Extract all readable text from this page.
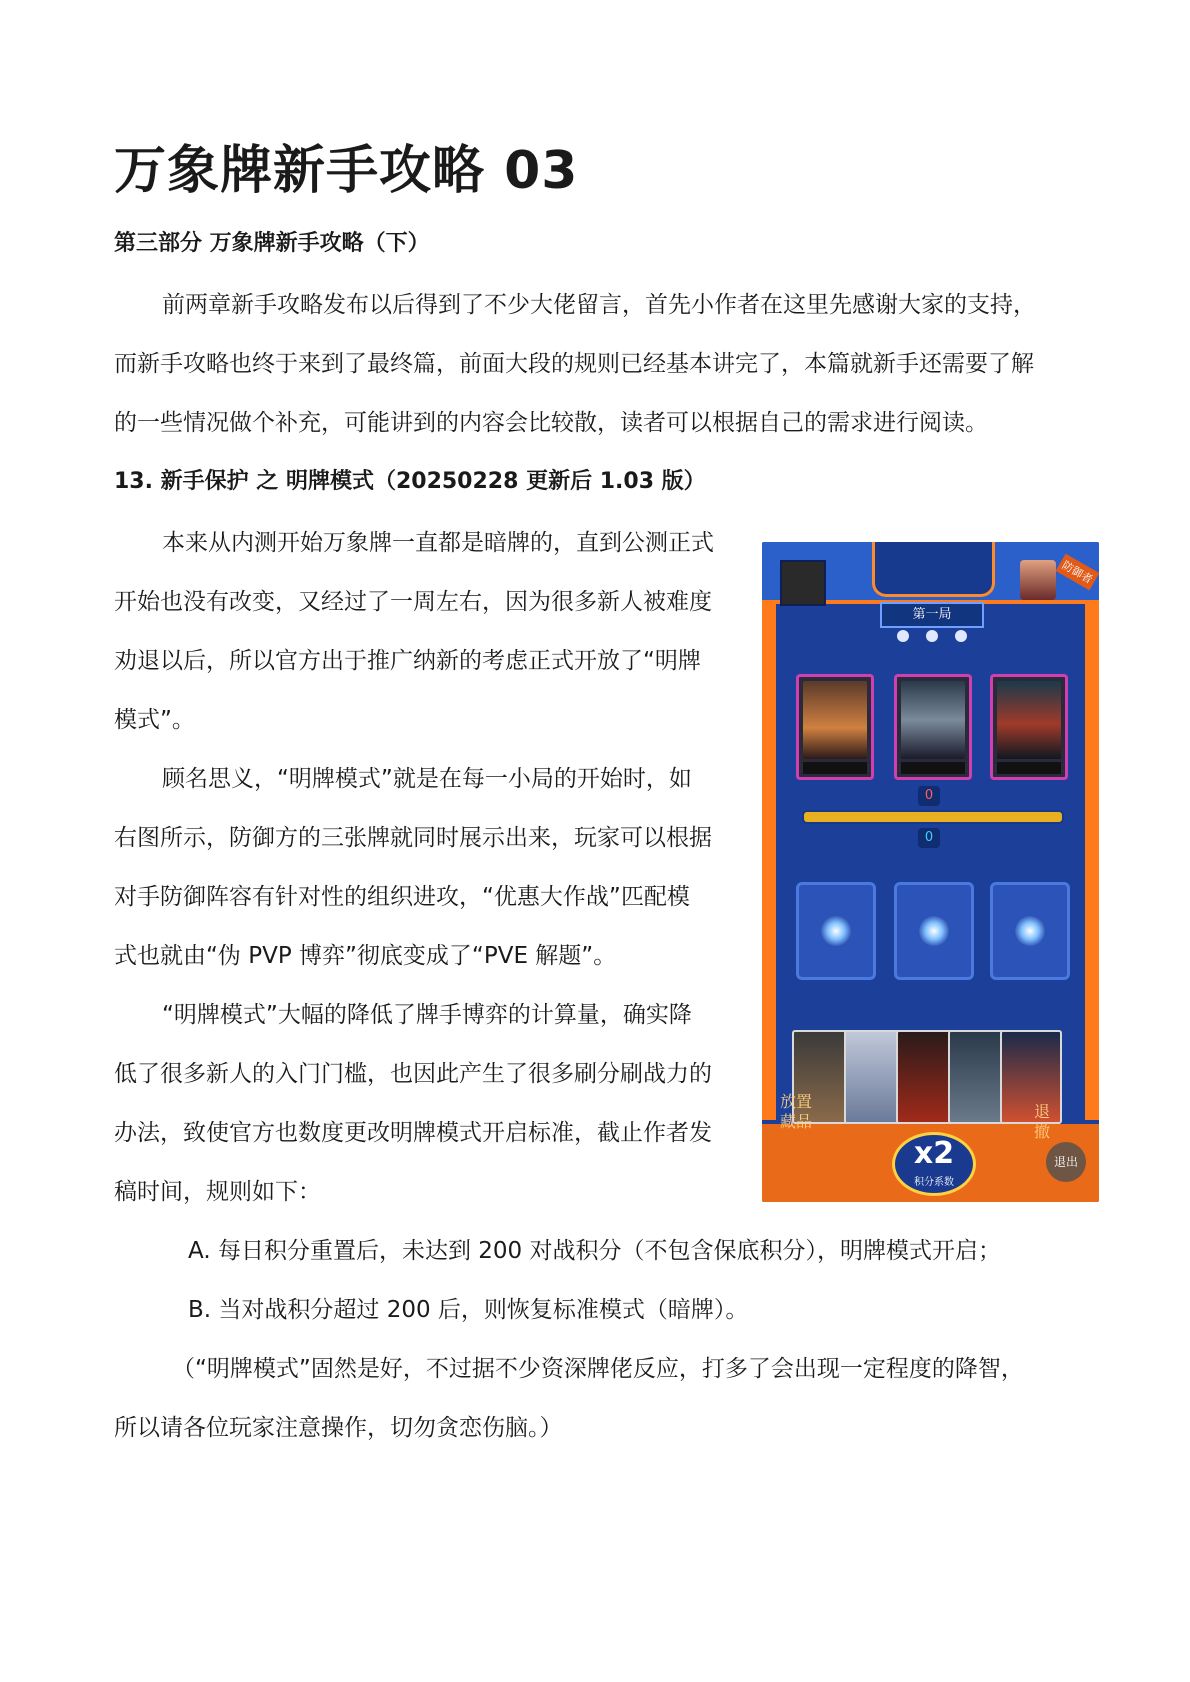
万象牌新手攻略 03
第三部分 万象牌新手攻略（下）

前两章新手攻略发布以后得到了不少大佬留言，首先小作者在这里先感谢大家的支持，

而新手攻略也终于来到了最终篇，前面大段的规则已经基本讲完了，本篇就新手还需要了解

的一些情况做个补充，可能讲到的内容会比较散，读者可以根据自己的需求进行阅读。

13. 新手保护 之 明牌模式（20250228 更新后 1.03 版）

本来从内测开始万象牌一直都是暗牌的，直到公测正式

开始也没有改变，又经过了一周左右，因为很多新人被难度

劝退以后，所以官方出于推广纳新的考虑正式开放了“明牌

模式”。

顾名思义，“明牌模式”就是在每一小局的开始时，如

右图所示，防御方的三张牌就同时展示出来，玩家可以根据

对手防御阵容有针对性的组织进攻，“优惠大作战”匹配模

式也就由“伪 PVP 博弈”彻底变成了“PVE 解题”。

“明牌模式”大幅的降低了牌手博弈的计算量，确实降

低了很多新人的入门门槛，也因此产生了很多刷分刷战力的

办法，致使官方也数度更改明牌模式开启标准，截止作者发

稿时间，规则如下：

A. 每日积分重置后，未达到 200 对战积分（不包含保底积分），明牌模式开启；

B. 当对战积分超过 200 后，则恢复标准模式（暗牌）。

（“明牌模式”固然是好，不过据不少资深牌佬反应，打多了会出现一定程度的降智，

所以请各位玩家注意操作，切勿贪恋伤脑。）

防御者
第一局
0
0
放置藏品
x2
积分系数
退撤
退出
